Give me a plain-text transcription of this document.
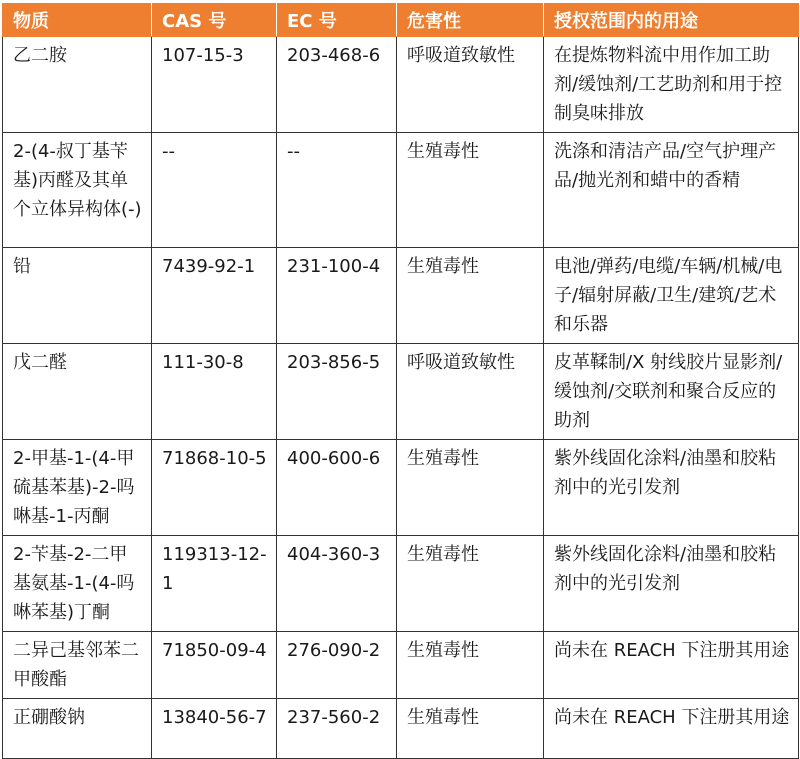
物质	CAS 号	EC 号	危害性	授权范围内的用途
乙二胺	107-15-3	203-468-6	呼吸道致敏性	在提炼物料流中用作加工助剂/缓蚀剂/工艺助剂和用于控制臭味排放
2-(4-叔丁基苄基)丙醛及其单个立体异构体(-)	--	--	生殖毒性	洗涤和清洁产品/空气护理产品/抛光剂和蜡中的香精
铅	7439-92-1	231-100-4	生殖毒性	电池/弹药/电缆/车辆/机械/电子/辐射屏蔽/卫生/建筑/艺术和乐器
戊二醛	111-30-8	203-856-5	呼吸道致敏性	皮革鞣制/X 射线胶片显影剂/缓蚀剂/交联剂和聚合反应的助剂
2-甲基-1-(4-甲硫基苯基)-2-吗啉基-1-丙酮	71868-10-5	400-600-6	生殖毒性	紫外线固化涂料/油墨和胶粘剂中的光引发剂
2-苄基-2-二甲基氨基-1-(4-吗啉苯基)丁酮	119313-12-1	404-360-3	生殖毒性	紫外线固化涂料/油墨和胶粘剂中的光引发剂
二异己基邻苯二甲酸酯	71850-09-4	276-090-2	生殖毒性	尚未在 REACH 下注册其用途
正硼酸钠	13840-56-7	237-560-2	生殖毒性	尚未在 REACH 下注册其用途
